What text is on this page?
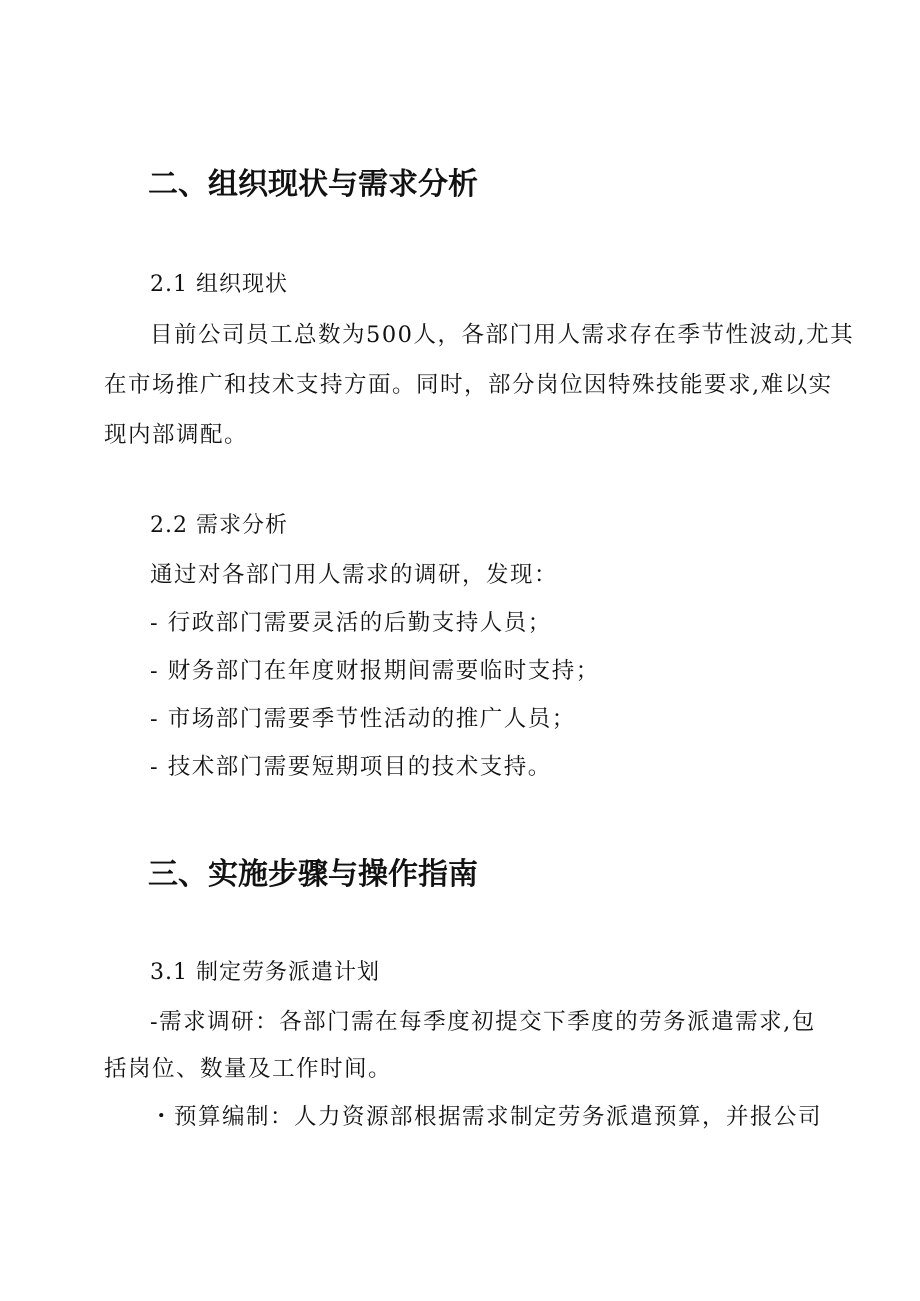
二、组织现状与需求分析
2.1 组织现状
目前公司员工总数为500人，各部门用人需求存在季节性波动,尤其
在市场推广和技术支持方面。同时，部分岗位因特殊技能要求,难以实
现内部调配。
2.2 需求分析
通过对各部门用人需求的调研，发现：
- 行政部门需要灵活的后勤支持人员；
- 财务部门在年度财报期间需要临时支持；
- 市场部门需要季节性活动的推广人员；
- 技术部门需要短期项目的技术支持。
三、实施步骤与操作指南
3.1 制定劳务派遣计划
-需求调研：各部门需在每季度初提交下季度的劳务派遣需求,包
括岗位、数量及工作时间。
・预算编制：人力资源部根据需求制定劳务派遣预算，并报公司
